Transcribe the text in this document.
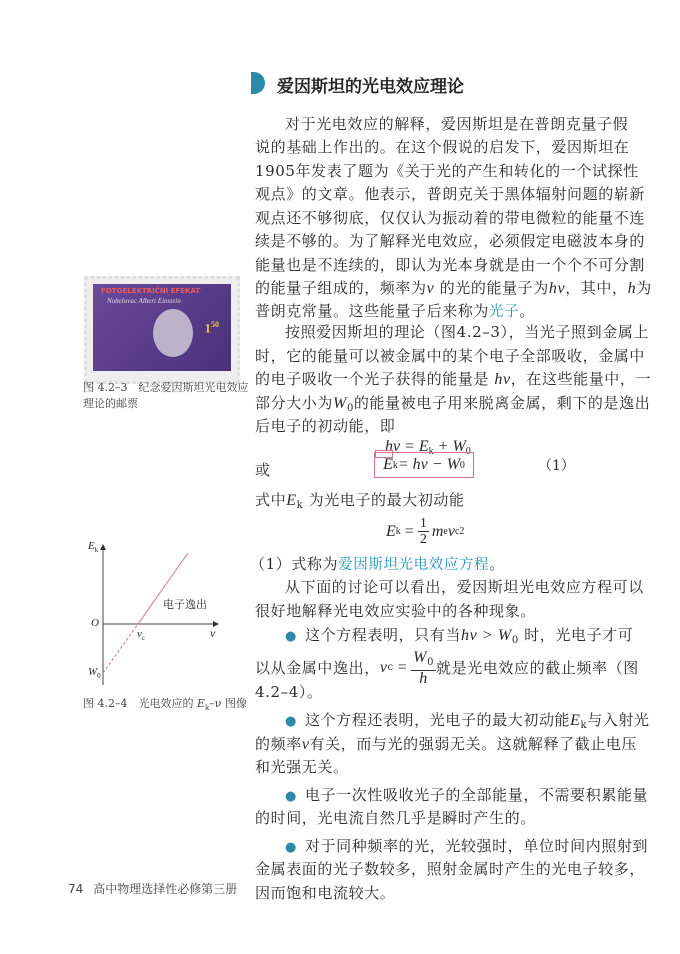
爱因斯坦的光电效应理论
对于光电效应的解释，爱因斯坦是在普朗克量子假
说的基础上作出的。在这个假说的启发下，爱因斯坦在
1905年发表了题为《关于光的产生和转化的一个试探性
观点》的文章。他表示，普朗克关于黑体辐射问题的崭新
观点还不够彻底，仅仅认为振动着的带电微粒的能量不连
续是不够的。为了解释光电效应，必须假定电磁波本身的
能量也是不连续的，即认为光本身就是由一个个不可分割
的能量子组成的，频率为ν 的光的能量子为hν，其中，h为
普朗克常量。这些能量子后来称为光子。
按照爱因斯坦的理论（图4.2–3），当光子照到金属上
时，它的能量可以被金属中的某个电子全部吸收，金属中
的电子吸收一个光子获得的能量是 hν，在这些能量中，一
部分大小为$W_0$的能量被电子用来脱离金属，剩下的是逸出
后电子的初动能，即
$h\nu = E_k + W_0$
或	E k = hν − W 0	（1）
式中$E_k$ 为光电子的最大初动能
E $k = \frac{1}{2}$ m e v c 2
（1）式称为爱因斯坦光电效应方程。
从下面的讨论可以看出，爱因斯坦光电效应方程可以
很好地解释光电效应实验中的各种现象。
● 这个方程表明，只有当$h\nu > W_0$ 时，光电子才可
以从金属中逸出， ν $c = \frac{W_0}{h}$ 就是光电效应的截止频率（图
4.2–4）。
● 这个方程还表明，光电子的最大初动能$E_k$与入射光
的频率ν有关，而与光的强弱无关。这就解释了截止电压
和光强无关。
● 电子一次性吸收光子的全部能量，不需要积累能量
的时间，光电流自然几乎是瞬时产生的。
● 对于同种频率的光，光较强时，单位时间内照射到
金属表面的光子数较多，照射金属时产生的光电子较多，
因而饱和电流较大。
FOTOELEKTRIČNI EFEKAT
Nobelovac Albert Einstein
$1^{50}$
图 4.2–3　纪念爱因斯坦光电效应
理论的邮票
$E_k$
O
ν
$\nu_c$
$W_0$
电子逸出
图 4.2–4　光电效应的 $E_k-\nu$ 图像
74 高中物理选择性必修第三册
